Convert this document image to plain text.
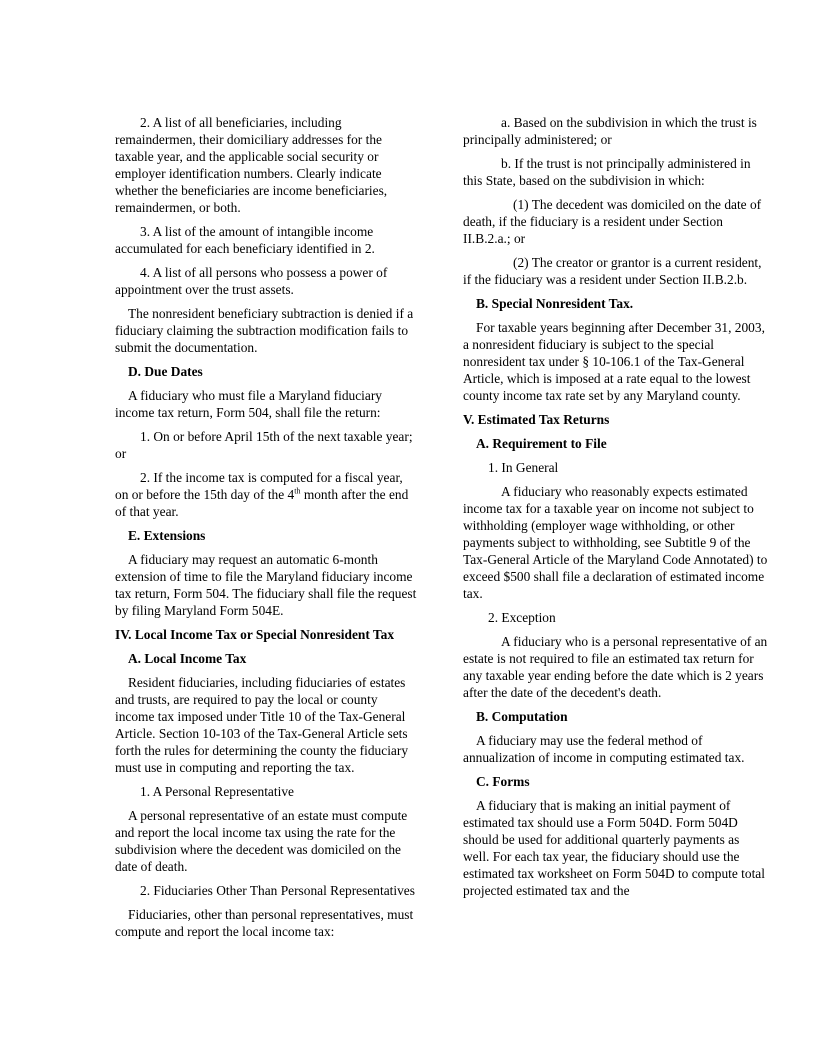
2. A list of all beneficiaries, including remaindermen, their domiciliary addresses for the taxable year, and the applicable social security or employer identification numbers. Clearly indicate whether the beneficiaries are income beneficiaries, remaindermen, or both.
3. A list of the amount of intangible income accumulated for each beneficiary identified in 2.
4. A list of all persons who possess a power of appointment over the trust assets.
The nonresident beneficiary subtraction is denied if a fiduciary claiming the subtraction modification fails to submit the documentation.
D. Due Dates
A fiduciary who must file a Maryland fiduciary income tax return, Form 504, shall file the return:
1. On or before April 15th of the next taxable year; or
2. If the income tax is computed for a fiscal year, on or before the 15th day of the 4th month after the end of that year.
E. Extensions
A fiduciary may request an automatic 6-month extension of time to file the Maryland fiduciary income tax return, Form 504. The fiduciary shall file the request by filing Maryland Form 504E.
IV. Local Income Tax or Special Nonresident Tax
A. Local Income Tax
Resident fiduciaries, including fiduciaries of estates and trusts, are required to pay the local or county income tax imposed under Title 10 of the Tax-General Article. Section 10-103 of the Tax-General Article sets forth the rules for determining the county the fiduciary must use in computing and reporting the tax.
1. A Personal Representative
A personal representative of an estate must compute and report the local income tax using the rate for the subdivision where the decedent was domiciled on the date of death.
2. Fiduciaries Other Than Personal Representatives
Fiduciaries, other than personal representatives, must compute and report the local income tax:
a. Based on the subdivision in which the trust is principally administered; or
b. If the trust is not principally administered in this State, based on the subdivision in which:
(1) The decedent was domiciled on the date of death, if the fiduciary is a resident under Section II.B.2.a.; or
(2) The creator or grantor is a current resident, if the fiduciary was a resident under Section II.B.2.b.
B. Special Nonresident Tax.
For taxable years beginning after December 31, 2003, a nonresident fiduciary is subject to the special nonresident tax under § 10-106.1 of the Tax-General Article, which is imposed at a rate equal to the lowest county income tax rate set by any Maryland county.
V. Estimated Tax Returns
A. Requirement to File
1. In General
A fiduciary who reasonably expects estimated income tax for a taxable year on income not subject to withholding (employer wage withholding, or other payments subject to withholding, see Subtitle 9 of the Tax-General Article of the Maryland Code Annotated) to exceed $500 shall file a declaration of estimated income tax.
2. Exception
A fiduciary who is a personal representative of an estate is not required to file an estimated tax return for any taxable year ending before the date which is 2 years after the date of the decedent's death.
B. Computation
A fiduciary may use the federal method of annualization of income in computing estimated tax.
C. Forms
A fiduciary that is making an initial payment of estimated tax should use a Form 504D. Form 504D should be used for additional quarterly payments as well. For each tax year, the fiduciary should use the estimated tax worksheet on Form 504D to compute total projected estimated tax and the
